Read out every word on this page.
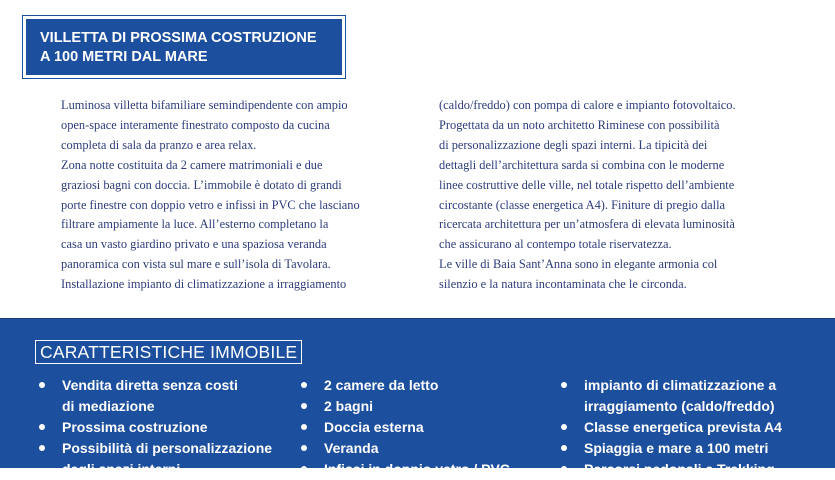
VILLETTA DI PROSSIMA COSTRUZIONE
A 100 METRI DAL MARE
Luminosa villetta bifamiliare semindipendente con ampio
open-space interamente finestrato composto da cucina
completa di sala da pranzo e area relax.
Zona notte costituita da 2 camere matrimoniali e due
graziosi bagni con doccia. L’immobile è dotato di grandi
porte finestre con doppio vetro e infissi in PVC che lasciano
filtrare ampiamente la luce. All’esterno completano la
casa un vasto giardino privato e una spaziosa veranda
panoramica con vista sul mare e sull’isola di Tavolara.
Installazione impianto di climatizzazione a irraggiamento
(caldo/freddo) con pompa di calore e impianto fotovoltaico.
Progettata da un noto architetto Riminese con possibilità
di personalizzazione degli spazi interni. La tipicità dei
dettagli dell’architettura sarda si combina con le moderne
linee costruttive delle ville, nel totale rispetto dell’ambiente
circostante (classe energetica A4). Finiture di pregio dalla
ricercata architettura per un’atmosfera di elevata luminosità
che assicurano al contempo totale riservatezza.
Le ville di Baia Sant’Anna sono in elegante armonia col
silenzio e la natura incontaminata che le circonda.
CARATTERISTICHE IMMOBILE
Vendita diretta senza costi
di mediazione
Prossima costruzione
Possibilità di personalizzazione
degli spazi interni
2 camere da letto
2 bagni
Doccia esterna
Veranda
Infissi in doppio vetro / PVC
impianto di climatizzazione a
irraggiamento (caldo/freddo)
Classe energetica prevista A4
Spiaggia e mare a 100 metri
Percorsi pedonali e Trekking
